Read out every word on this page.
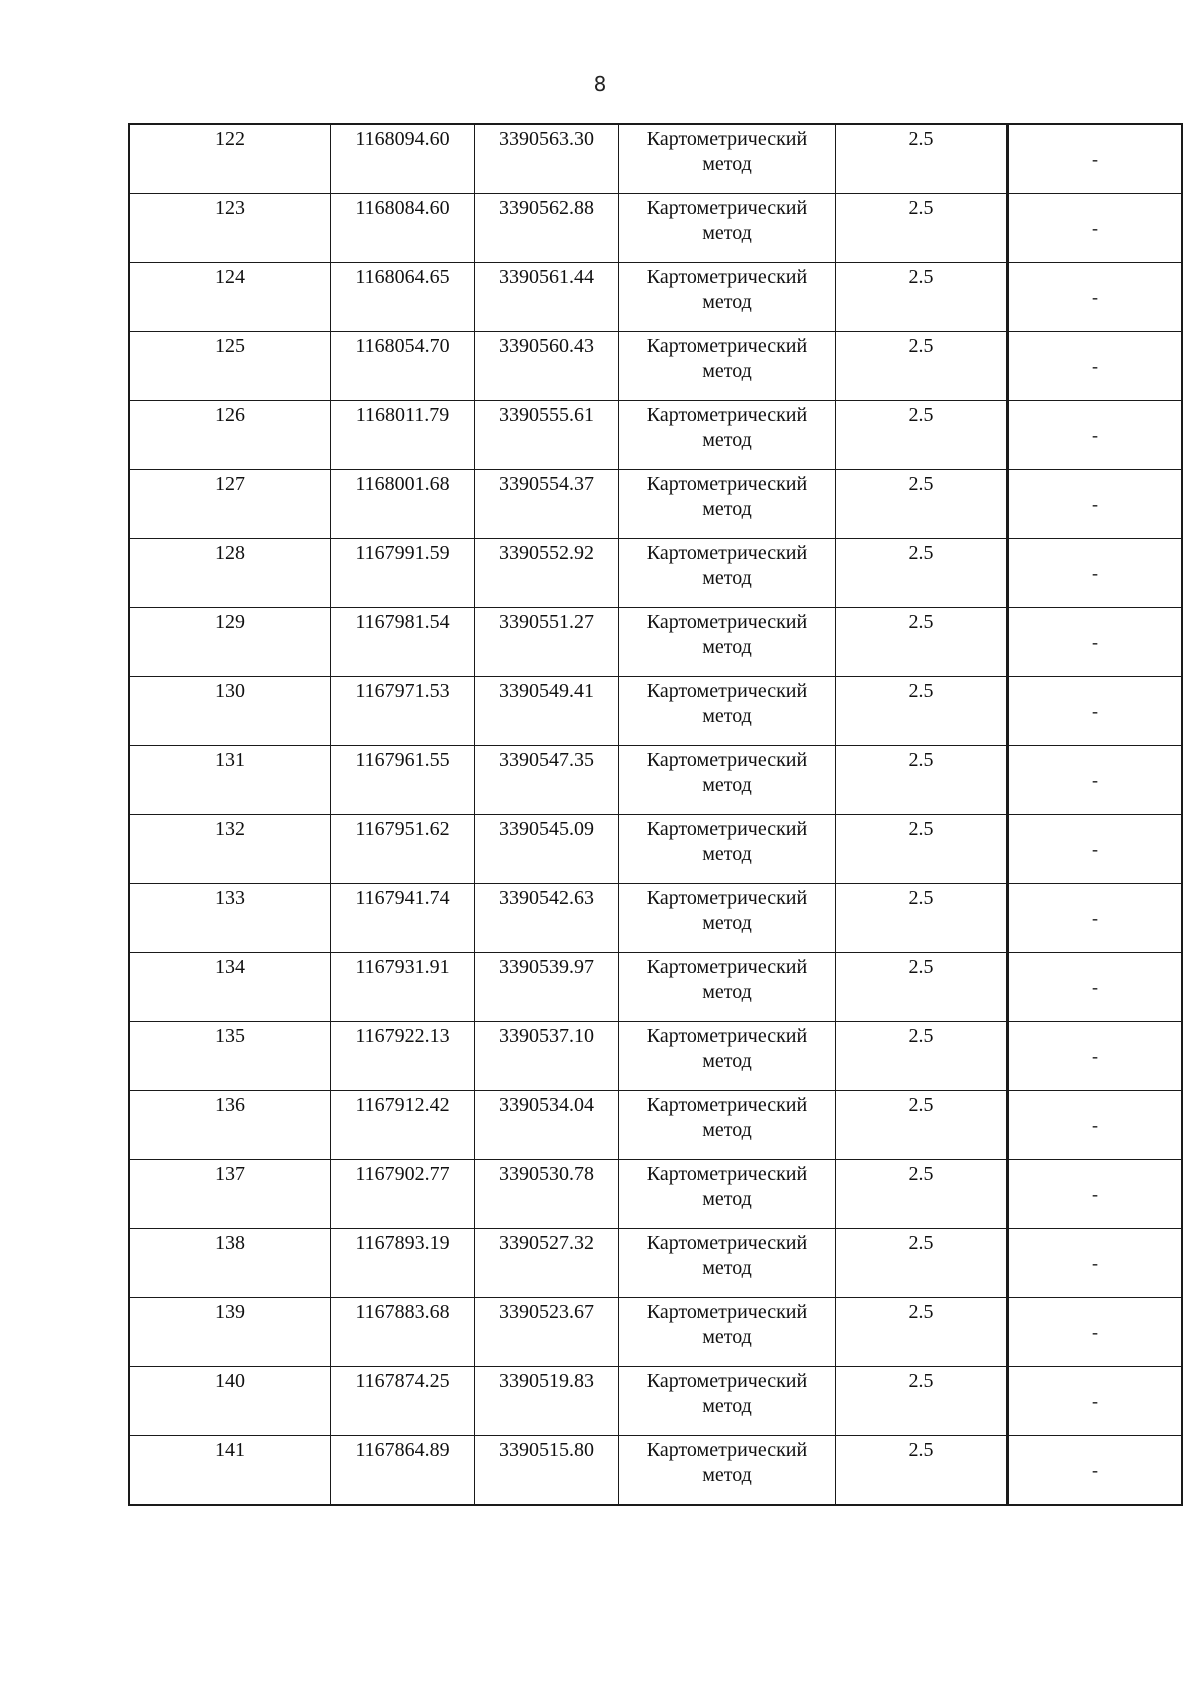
8
122	1168094.60	3390563.30	Картометрический
метод	2.5	-

123	1168084.60	3390562.88	Картометрический
метод	2.5	-

124	1168064.65	3390561.44	Картометрический
метод	2.5	-

125	1168054.70	3390560.43	Картометрический
метод	2.5	-

126	1168011.79	3390555.61	Картометрический
метод	2.5	-

127	1168001.68	3390554.37	Картометрический
метод	2.5	-

128	1167991.59	3390552.92	Картометрический
метод	2.5	-

129	1167981.54	3390551.27	Картометрический
метод	2.5	-

130	1167971.53	3390549.41	Картометрический
метод	2.5	-

131	1167961.55	3390547.35	Картометрический
метод	2.5	-

132	1167951.62	3390545.09	Картометрический
метод	2.5	-

133	1167941.74	3390542.63	Картометрический
метод	2.5	-

134	1167931.91	3390539.97	Картометрический
метод	2.5	-

135	1167922.13	3390537.10	Картометрический
метод	2.5	-

136	1167912.42	3390534.04	Картометрический
метод	2.5	-

137	1167902.77	3390530.78	Картометрический
метод	2.5	-

138	1167893.19	3390527.32	Картометрический
метод	2.5	-

139	1167883.68	3390523.67	Картометрический
метод	2.5	-

140	1167874.25	3390519.83	Картометрический
метод	2.5	-

141	1167864.89	3390515.80	Картометрический
метод	2.5	-
